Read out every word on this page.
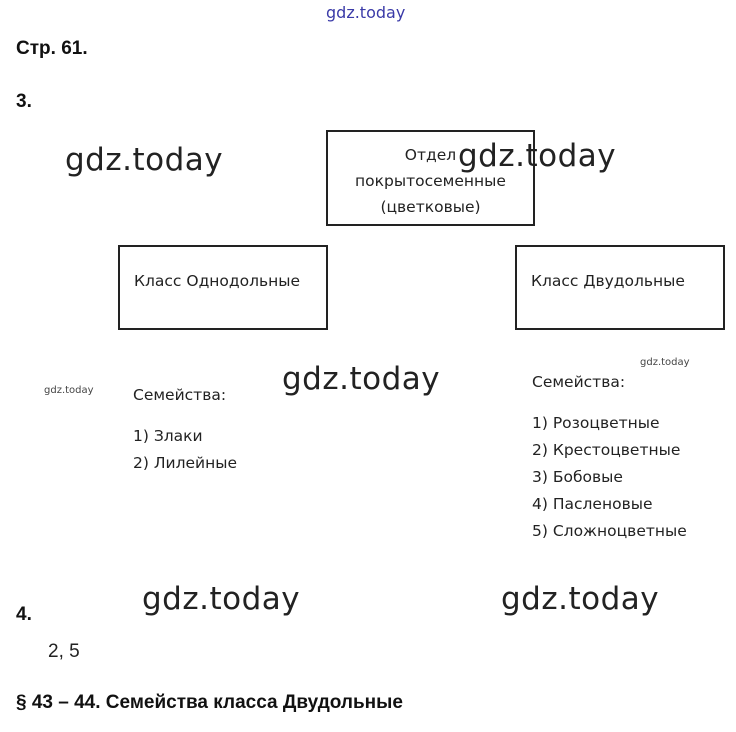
gdz.today
Стр. 61.
3.
gdz.today	Отдел
покрытосеменные
(цветковые)
gdz.today
Класс Однодольные	Класс Двудольные
gdz.today	gdz.today	gdz.today
Семейства:
1) Злаки
2) Лилейные
Семейства:
1) Розоцветные
2) Крестоцветные
3) Бобовые
4) Пасленовые
5) Сложноцветные
gdz.today	gdz.today
4.
2, 5
§ 43 – 44. Семейства класса Двудольные
